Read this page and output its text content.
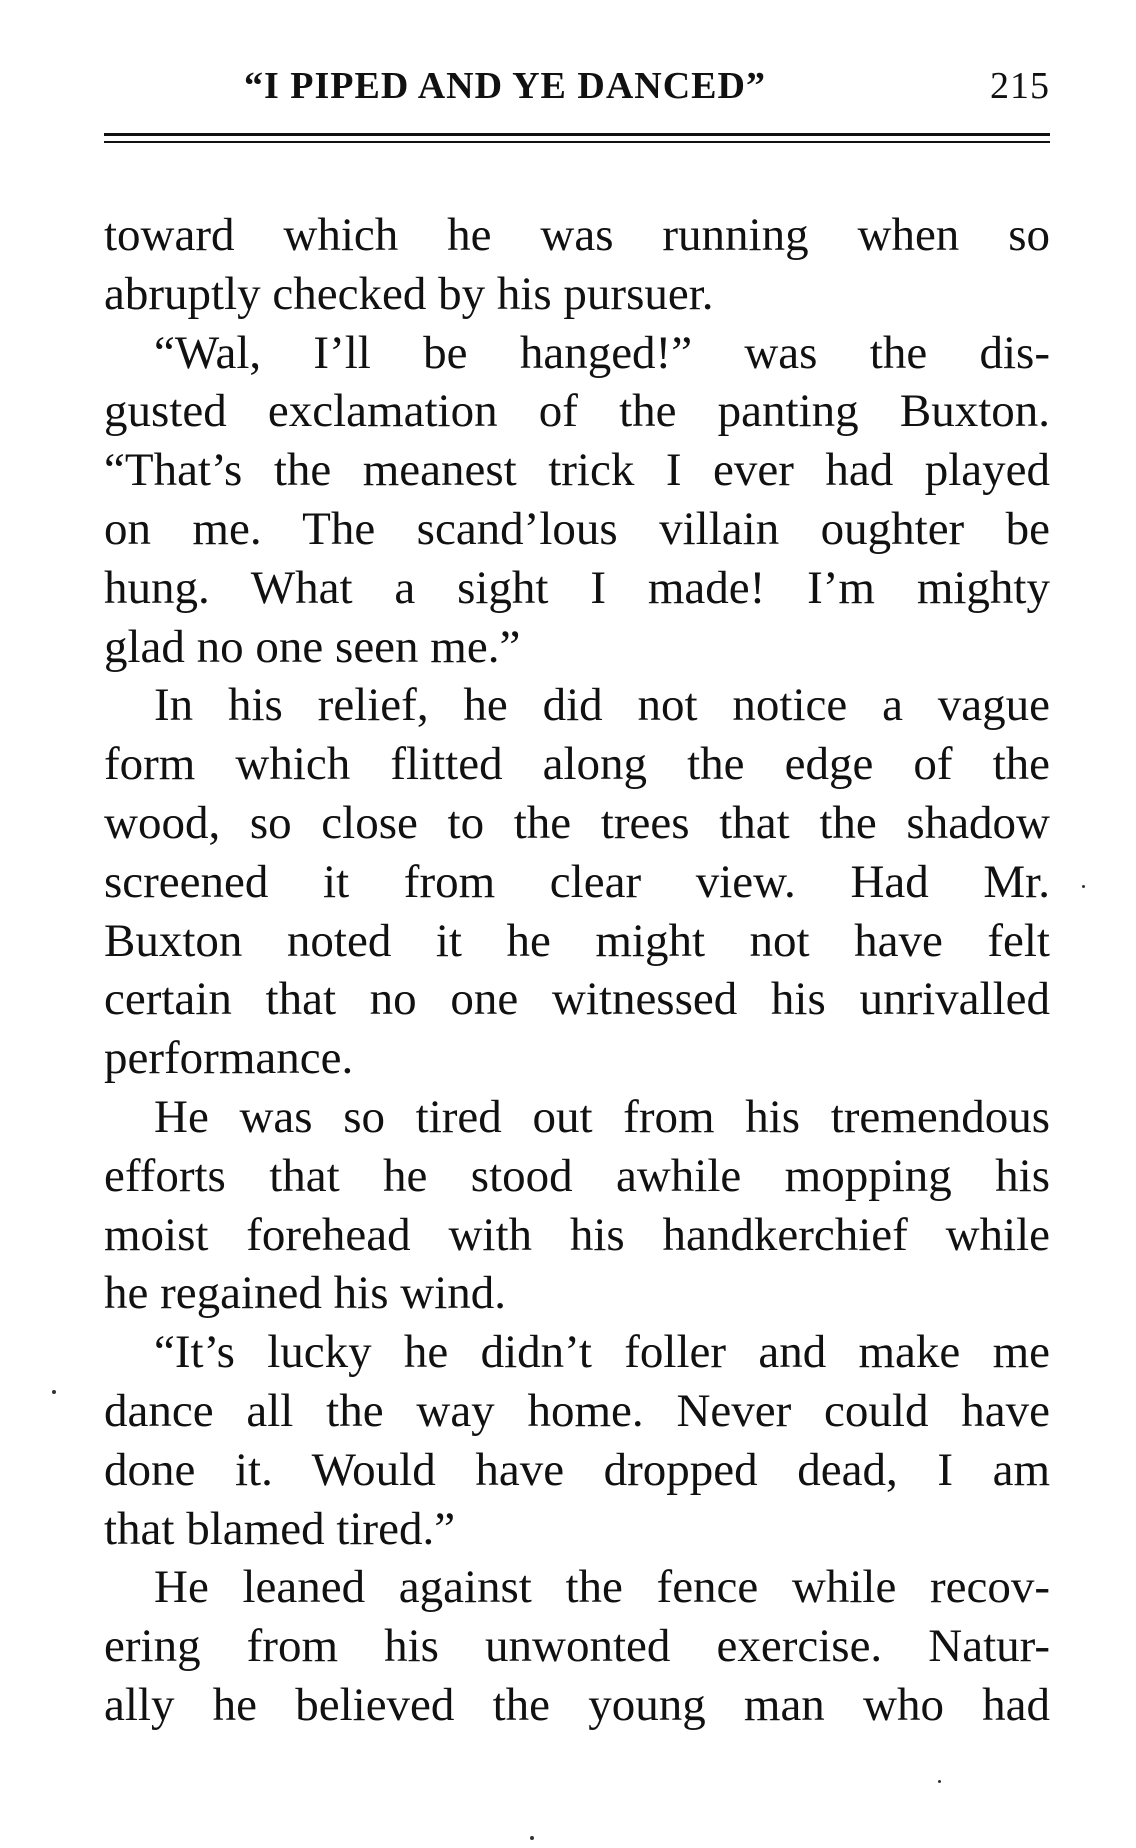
“I PIPED AND YE DANCED”	215
toward which he was running when so
abruptly checked by his pursuer.
“Wal, I’ll be hanged!” was the dis-
gusted exclamation of the panting Buxton.
“That’s the meanest trick I ever had played
on me. The scand’lous villain oughter be
hung. What a sight I made! I’m mighty
glad no one seen me.”
In his relief, he did not notice a vague
form which flitted along the edge of the
wood, so close to the trees that the shadow
screened it from clear view. Had Mr.
Buxton noted it he might not have felt
certain that no one witnessed his unrivalled
performance.
He was so tired out from his tremendous
efforts that he stood awhile mopping his
moist forehead with his handkerchief while
he regained his wind.
“It’s lucky he didn’t foller and make me
dance all the way home. Never could have
done it. Would have dropped dead, I am
that blamed tired.”
He leaned against the fence while recov-
ering from his unwonted exercise. Natur-
ally he believed the young man who had
